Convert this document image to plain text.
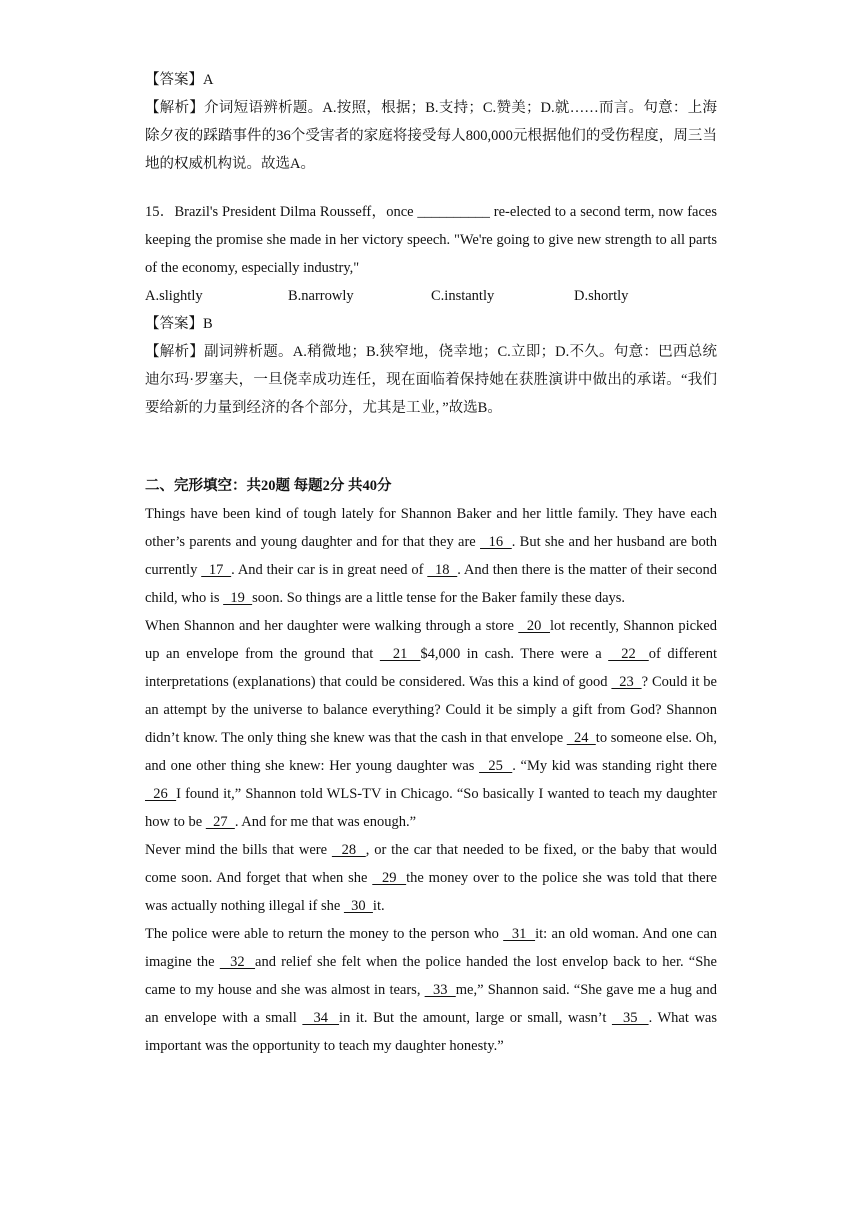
【答案】A
【解析】介词短语辨析题。A.按照，根据；B.支持；C.赞美；D.就……而言。句意：上海除夕夜的踩踏事件的36个受害者的家庭将接受每人800,000元根据他们的受伤程度，周三当地的权威机构说。故选A。
15．Brazil's President Dilma Rousseff，once __________ re-elected to a second term, now faces keeping the promise she made in her victory speech. "We're going to give new strength to all parts of the economy, especially industry,"
A.slightly	B.narrowly	C.instantly	D.shortly
【答案】B
【解析】副词辨析题。A.稍微地；B.狭窄地，侥幸地；C.立即；D.不久。句意：巴西总统迪尔玛·罗塞夫，一旦侥幸成功连任，现在面临着保持她在获胜演讲中做出的承诺。“我们要给新的力量到经济的各个部分，尤其是工业，”故选B。
二、完形填空：共20题 每题2分 共40分
Things have been kind of tough lately for Shannon Baker and her little family. They have each other’s parents and young daughter and for that they are   16  . But she and her husband are both currently   17  . And their car is in great need of   18  . And then there is the matter of their second child, who is   19  soon. So things are a little tense for the Baker family these days.
When Shannon and her daughter were walking through a store   20  lot recently, Shannon picked up an envelope from the ground that   21  $4,000 in cash. There were a   22  of different interpretations (explanations) that could be considered. Was this a kind of good   23  ? Could it be an attempt by the universe to balance everything? Could it be simply a gift from God? Shannon didn’t know. The only thing she knew was that the cash in that envelope   24  to someone else. Oh, and one other thing she knew: Her young daughter was   25  . “My kid was standing right there   26  I found it,” Shannon told WLS-TV in Chicago. “So basically I wanted to teach my daughter how to be   27  . And for me that was enough.”
Never mind the bills that were   28  , or the car that needed to be fixed, or the baby that would come soon. And forget that when she   29  the money over to the police she was told that there was actually nothing illegal if she   30  it.
The police were able to return the money to the person who   31  it: an old woman. And one can imagine the   32  and relief she felt when the police handed the lost envelop back to her. “She came to my house and she was almost in tears,   33  me,” Shannon said. “She gave me a hug and an envelope with a small   34  in it. But the amount, large or small, wasn’t   35  . What was important was the opportunity to teach my daughter honesty.”
